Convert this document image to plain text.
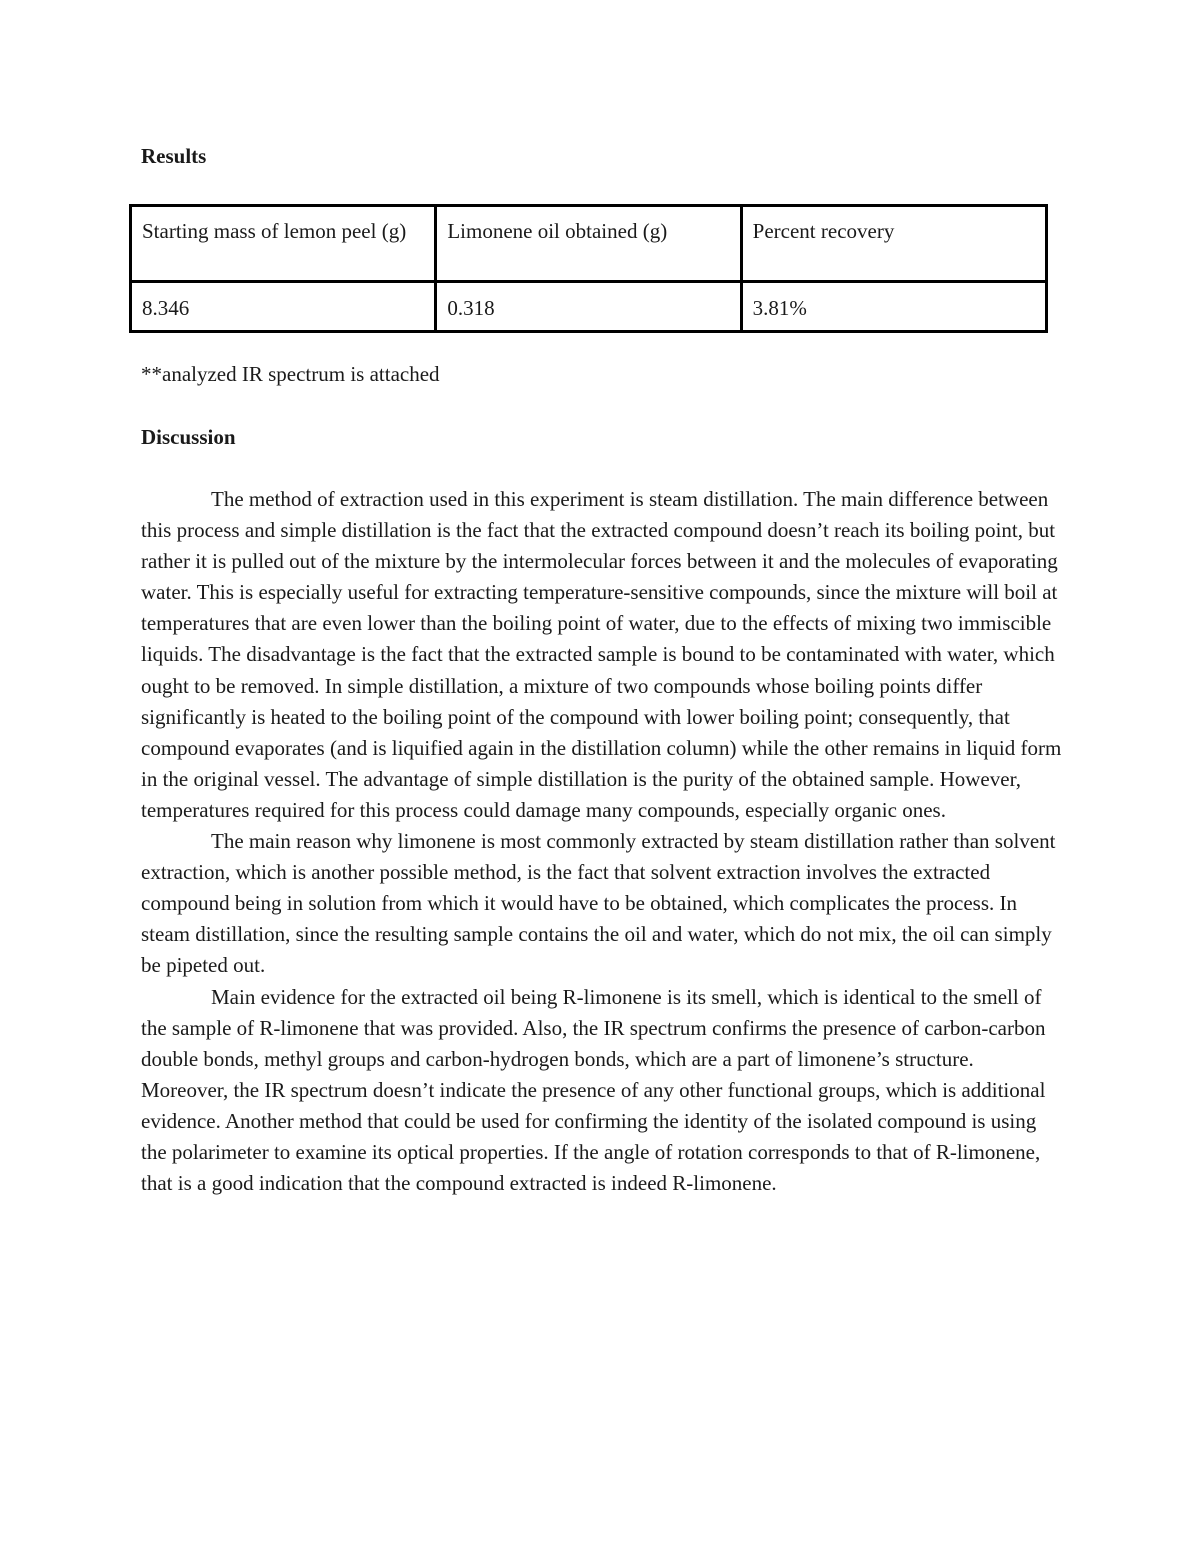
Results
Starting mass of lemon peel (g)	Limonene oil obtained (g)	Percent recovery
8.346	0.318	3.81%

**analyzed IR spectrum is attached

Discussion

The method of extraction used in this experiment is steam distillation. The main difference between this process and simple distillation is the fact that the extracted compound doesn’t reach its boiling point, but rather it is pulled out of the mixture by the intermolecular forces between it and the molecules of evaporating water. This is especially useful for extracting temperature-sensitive compounds, since the mixture will boil at temperatures that are even lower than the boiling point of water, due to the effects of mixing two immiscible liquids. The disadvantage is the fact that the extracted sample is bound to be contaminated with water, which ought to be removed. In simple distillation, a mixture of two compounds whose boiling points differ significantly is heated to the boiling point of the compound with lower boiling point; consequently, that compound evaporates (and is liquified again in the distillation column) while the other remains in liquid form in the original vessel. The advantage of simple distillation is the purity of the obtained sample. However, temperatures required for this process could damage many compounds, especially organic ones.

The main reason why limonene is most commonly extracted by steam distillation rather than solvent extraction, which is another possible method, is the fact that solvent extraction involves the extracted compound being in solution from which it would have to be obtained, which complicates the process. In steam distillation, since the resulting sample contains the oil and water, which do not mix, the oil can simply be pipeted out.

Main evidence for the extracted oil being R-limonene is its smell, which is identical to the smell of the sample of R-limonene that was provided. Also, the IR spectrum confirms the presence of carbon-carbon double bonds, methyl groups and carbon-hydrogen bonds, which are a part of limonene’s structure. Moreover, the IR spectrum doesn’t indicate the presence of any other functional groups, which is additional evidence. Another method that could be used for confirming the identity of the isolated compound is using the polarimeter to examine its optical properties. If the angle of rotation corresponds to that of R-limonene, that is a good indication that the compound extracted is indeed R-limonene.
